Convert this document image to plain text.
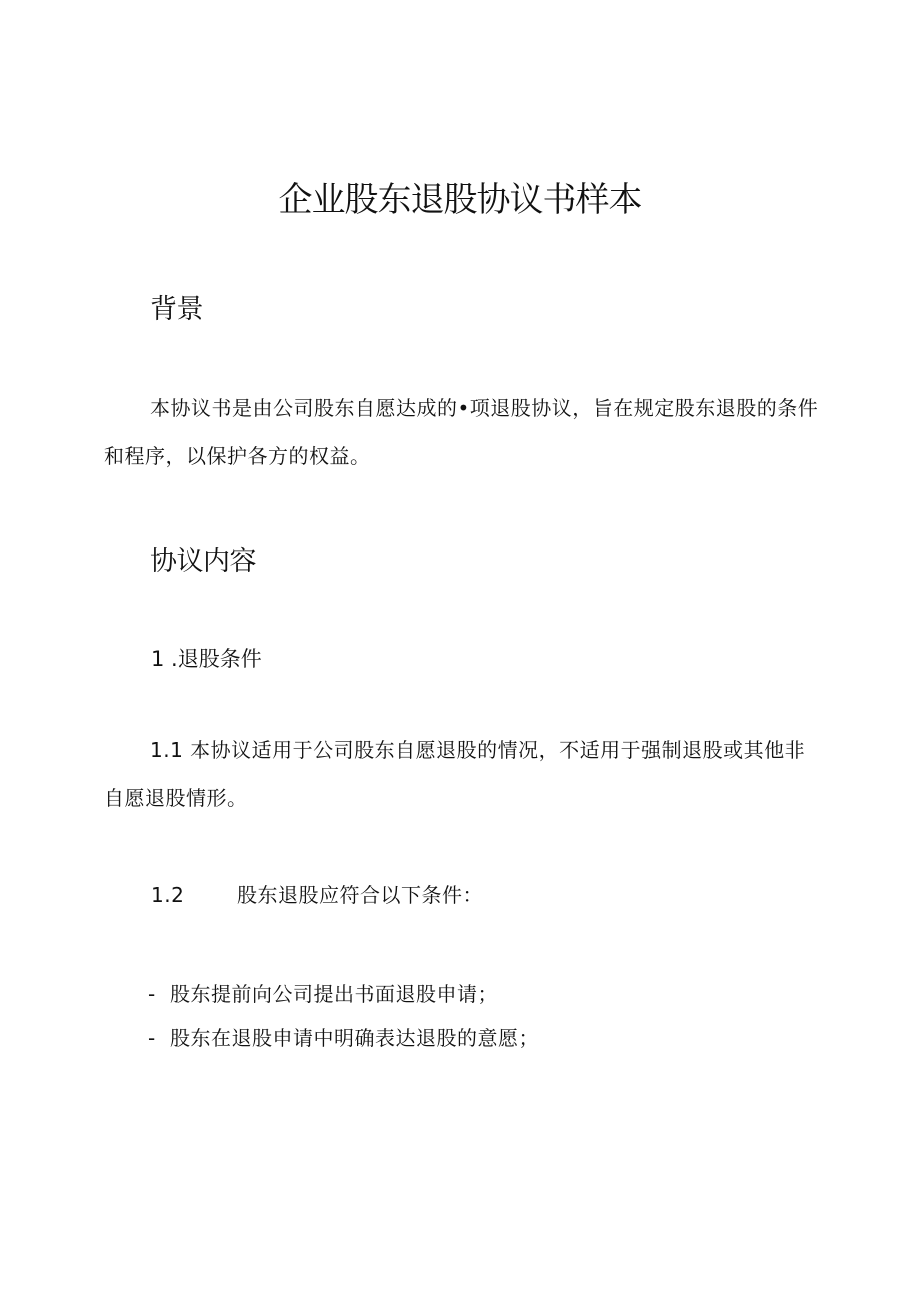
企业股东退股协议书样本
背景

本协议书是由公司股东自愿达成的•项退股协议，旨在规定股东退股的条件和程序，以保护各方的权益。

协议内容
1 .退股条件

1.1 本协议适用于公司股东自愿退股的情况，不适用于强制退股或其他非自愿退股情形。

1.2	股东退股应符合以下条件：

- 股东提前向公司提出书面退股申请；
- 股东在退股申请中明确表达退股的意愿；
